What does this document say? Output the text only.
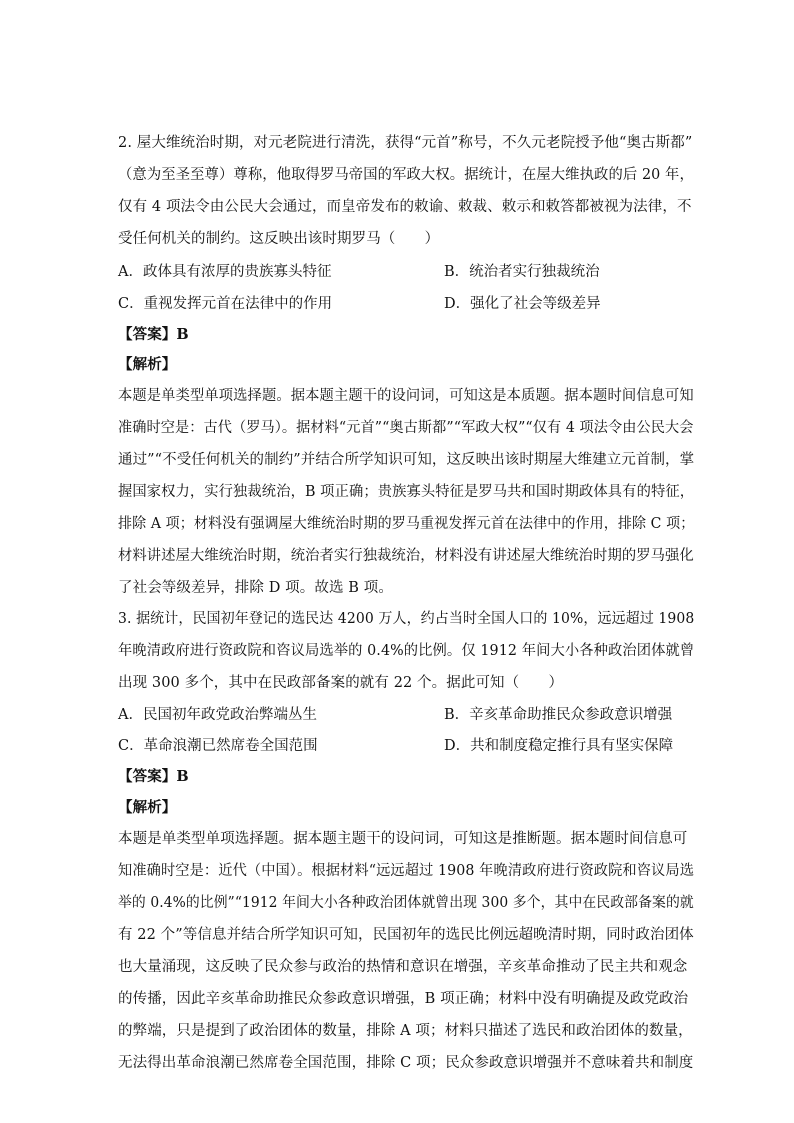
2. 屋大维统治时期，对元老院进行清洗，获得“元首”称号，不久元老院授予他“奥古斯都”
（意为至圣至尊）尊称，他取得罗马帝国的军政大权。据统计，在屋大维执政的后 20 年，
仅有 4 项法令由公民大会通过，而皇帝发布的敕谕、敕裁、敕示和敕答都被视为法律，不
受任何机关的制约。这反映出该时期罗马（　　）
A．政体具有浓厚的贵族寡头特征	B．统治者实行独裁统治
C．重视发挥元首在法律中的作用	D．强化了社会等级差异
【答案】B
【解析】
本题是单类型单项选择题。据本题主题干的设问词，可知这是本质题。据本题时间信息可知
准确时空是：古代（罗马）。据材料“元首”“奥古斯都”“军政大权”“仅有 4 项法令由公民大会
通过”“不受任何机关的制约”并结合所学知识可知，这反映出该时期屋大维建立元首制，掌
握国家权力，实行独裁统治，B 项正确；贵族寡头特征是罗马共和国时期政体具有的特征，
排除 A 项；材料没有强调屋大维统治时期的罗马重视发挥元首在法律中的作用，排除 C 项；
材料讲述屋大维统治时期，统治者实行独裁统治，材料没有讲述屋大维统治时期的罗马强化
了社会等级差异，排除 D 项。故选 B 项。
3. 据统计，民国初年登记的选民达 4200 万人，约占当时全国人口的 10%，远远超过 1908
年晚清政府进行资政院和咨议局选举的 0.4%的比例。仅 1912 年间大小各种政治团体就曾
出现 300 多个，其中在民政部备案的就有 22 个。据此可知（　　）
A．民国初年政党政治弊端丛生	B．辛亥革命助推民众参政意识增强
C．革命浪潮已然席卷全国范围	D．共和制度稳定推行具有坚实保障
【答案】B
【解析】
本题是单类型单项选择题。据本题主题干的设问词，可知这是推断题。据本题时间信息可
知准确时空是：近代（中国）。根据材料“远远超过 1908 年晚清政府进行资政院和咨议局选
举的 0.4%的比例”“1912 年间大小各种政治团体就曾出现 300 多个，其中在民政部备案的就
有 22 个”等信息并结合所学知识可知，民国初年的选民比例远超晚清时期，同时政治团体
也大量涌现，这反映了民众参与政治的热情和意识在增强，辛亥革命推动了民主共和观念
的传播，因此辛亥革命助推民众参政意识增强，B 项正确；材料中没有明确提及政党政治
的弊端，只是提到了政治团体的数量，排除 A 项；材料只描述了选民和政治团体的数量，
无法得出革命浪潮已然席卷全国范围，排除 C 项；民众参政意识增强并不意味着共和制度
